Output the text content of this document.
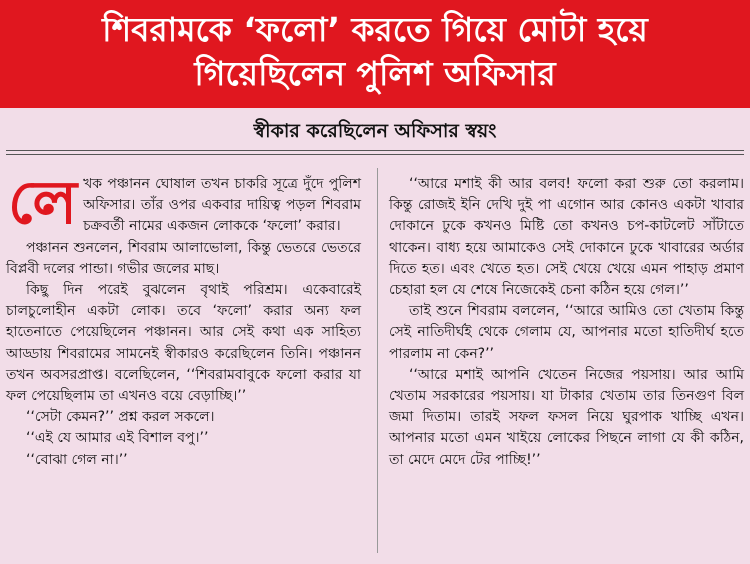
শিবরামকে ‘ফলো’ করতে গিয়ে মোটা হয়ে
গিয়েছিলেন পুলিশ অফিসার
স্বীকার করেছিলেন অফিসার স্বয়ং
লে খক পঞ্চানন ঘোষাল তখন চাকরি সূত্রে দুঁদে পুলিশ অফিসার। তাঁর ওপর একবার দায়িত্ব পড়ল শিবরাম চক্রবর্তী নামের একজন লোককে ‘ফলো’ করার।

পঞ্চানন শুনলেন, শিবরাম আলাভোলা, কিন্তু ভেতরে ভেতরে বিপ্লবী দলের পান্ডা। গভীর জলের মাছ।

কিছু দিন পরেই বুঝলেন বৃথাই পরিশ্রম। একেবারেই চালচুলোহীন একটা লোক। তবে ‘ফলো’ করার অন্য ফল হাতেনাতে পেয়েছিলেন পঞ্চানন। আর সেই কথা এক সাহিত্য আড্ডায় শিবরামের সামনেই স্বীকারও করেছিলেন তিনি। পঞ্চানন তখন অবসরপ্রাপ্ত। বলেছিলেন, ‘‘শিবরামবাবুকে ফলো করার যা ফল পেয়েছিলাম তা এখনও বয়ে বেড়াচ্ছি।’’

‘‘সেটা কেমন?’’ প্রশ্ন করল সকলে।

‘‘এই যে আমার এই বিশাল বপু।’’

‘‘বোঝা গেল না।’’

‘‘আরে মশাই কী আর বলব! ফলো করা শুরু তো করলাম। কিন্তু রোজই ইনি দেখি দুই পা এগোন আর কোনও একটা খাবার দোকানে ঢুকে কখনও মিষ্টি তো কখনও চপ-কাটলেট সাঁটাতে থাকেন। বাধ্য হয়ে আমাকেও সেই দোকানে ঢুকে খাবারের অর্ডার দিতে হত। এবং খেতে হত। সেই খেয়ে খেয়ে এমন পাহাড় প্রমাণ চেহারা হল যে শেষে নিজেকেই চেনা কঠিন হয়ে গেল।’’

তাই শুনে শিবরাম বললেন, ‘‘আরে আমিও তো খেতাম কিন্তু সেই নাতিদীর্ঘই থেকে গেলাম যে, আপনার মতো হাতিদীর্ঘ হতে পারলাম না কেন?’’

‘‘আরে মশাই আপনি খেতেন নিজের পয়সায়। আর আমি খেতাম সরকারের পয়সায়। যা টাকার খেতাম তার তিনগুণ বিল জমা দিতাম। তারই সফল ফসল নিয়ে ঘুরপাক খাচ্ছি এখন। আপনার মতো এমন খাইয়ে লোকের পিছনে লাগা যে কী কঠিন, তা মেদে মেদে টের পাচ্ছি!’’
